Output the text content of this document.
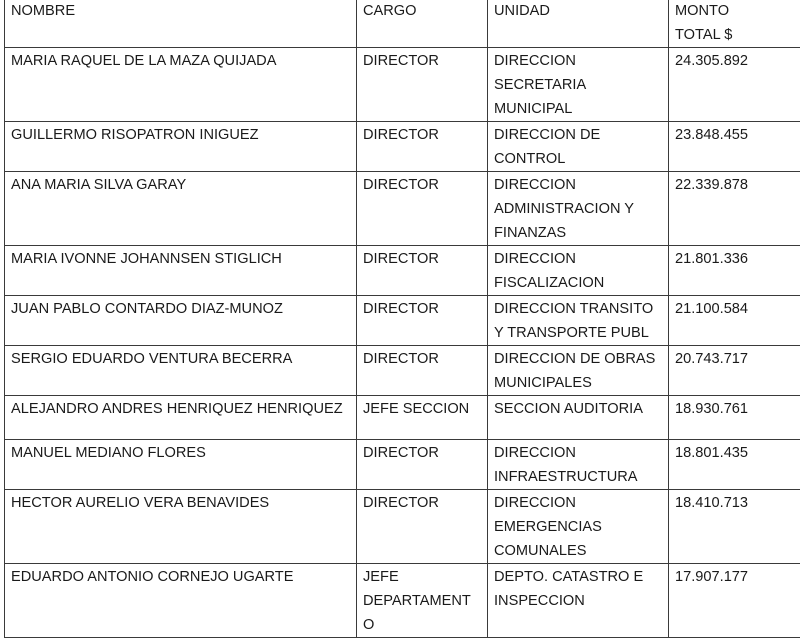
NOMBRE	CARGO	UNIDAD	MONTO
TOTAL $
MARIA RAQUEL DE LA MAZA QUIJADA	DIRECTOR	DIRECCION SECRETARIA MUNICIPAL	24.305.892
GUILLERMO RISOPATRON INIGUEZ	DIRECTOR	DIRECCION DE CONTROL	23.848.455
ANA MARIA SILVA GARAY	DIRECTOR	DIRECCION ADMINISTRACION Y FINANZAS	22.339.878
MARIA IVONNE JOHANNSEN STIGLICH	DIRECTOR	DIRECCION FISCALIZACION	21.801.336
JUAN PABLO CONTARDO DIAZ-MUNOZ	DIRECTOR	DIRECCION TRANSITO Y TRANSPORTE PUBL	21.100.584
SERGIO EDUARDO VENTURA BECERRA	DIRECTOR	DIRECCION DE OBRAS MUNICIPALES	20.743.717
ALEJANDRO ANDRES HENRIQUEZ HENRIQUEZ	JEFE SECCION	SECCION AUDITORIA	18.930.761
MANUEL MEDIANO FLORES	DIRECTOR	DIRECCION INFRAESTRUCTURA	18.801.435
HECTOR AURELIO VERA BENAVIDES	DIRECTOR	DIRECCION EMERGENCIAS COMUNALES	18.410.713
EDUARDO ANTONIO CORNEJO UGARTE	JEFE DEPARTAMENTO	DEPTO. CATASTRO E INSPECCION	17.907.177
